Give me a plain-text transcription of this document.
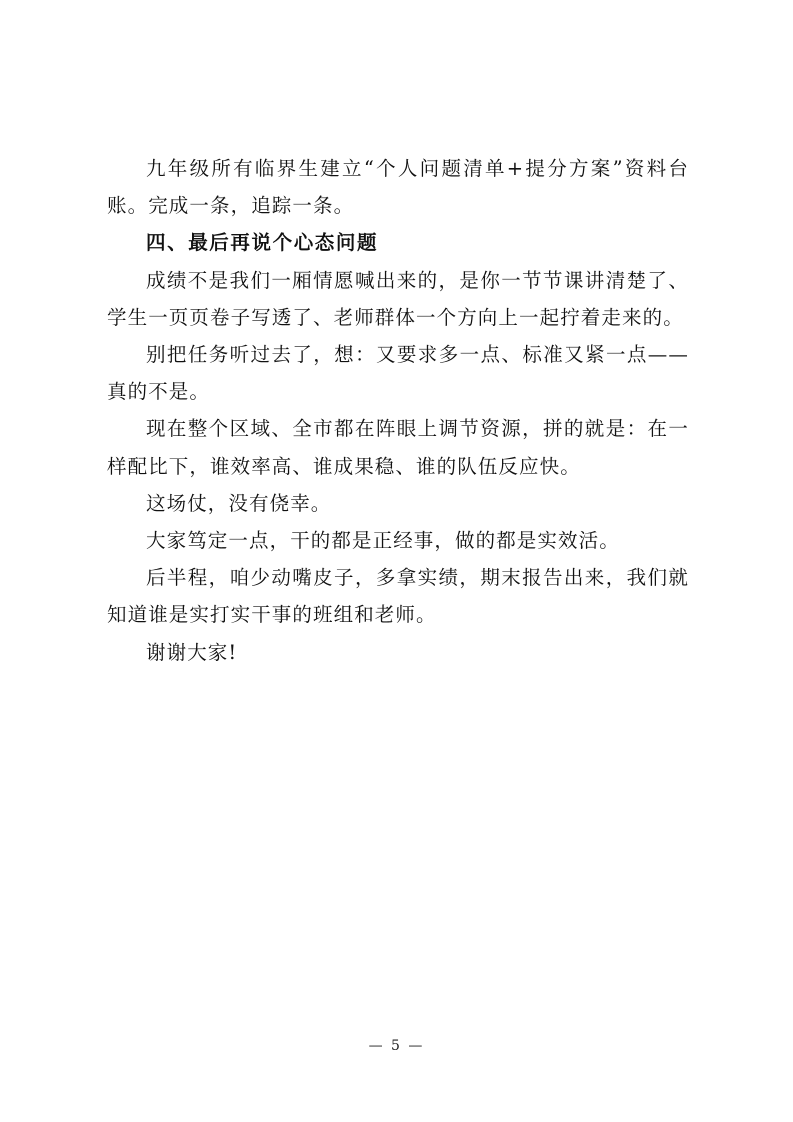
九年级所有临界生建立“个人问题清单+提分方案”资料台账。完成一条，追踪一条。

四、最后再说个心态问题

成绩不是我们一厢情愿喊出来的，是你一节节课讲清楚了、学生一页页卷子写透了、老师群体一个方向上一起拧着走来的。

别把任务听过去了，想：又要求多一点、标准又紧一点——真的不是。

现在整个区域、全市都在阵眼上调节资源，拼的就是：在一样配比下，谁效率高、谁成果稳、谁的队伍反应快。

这场仗，没有侥幸。

大家笃定一点，干的都是正经事，做的都是实效活。

后半程，咱少动嘴皮子，多拿实绩，期末报告出来，我们就知道谁是实打实干事的班组和老师。

谢谢大家!

— 5 —
